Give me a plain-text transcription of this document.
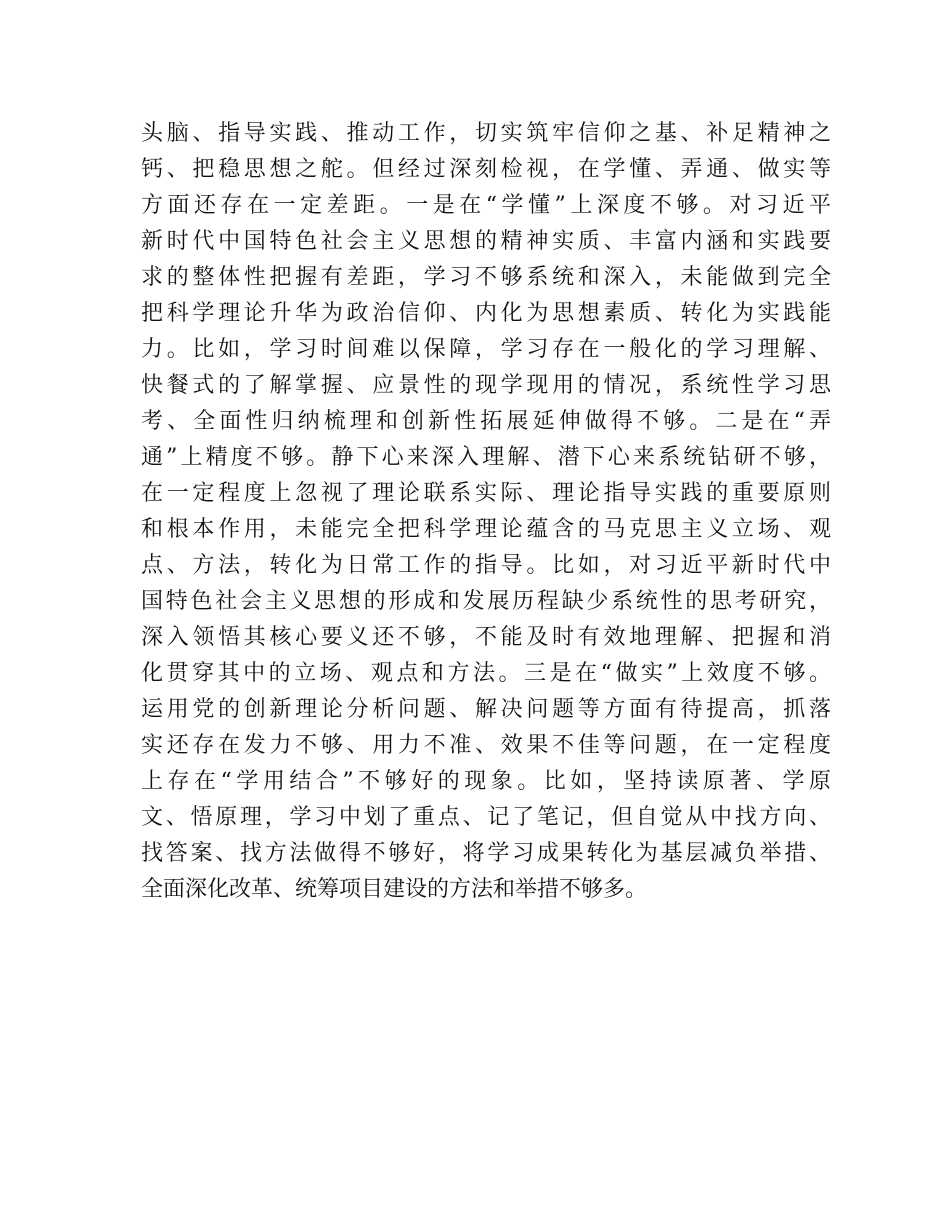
头脑、指导实践、推动工作，切实筑牢信仰之基、补足精神之
钙、把稳思想之舵。但经过深刻检视，在学懂、弄通、做实等
方面还存在一定差距。一是在“学懂”上深度不够。对习近平
新时代中国特色社会主义思想的精神实质、丰富内涵和实践要
求的整体性把握有差距，学习不够系统和深入，未能做到完全
把科学理论升华为政治信仰、内化为思想素质、转化为实践能
力。比如，学习时间难以保障，学习存在一般化的学习理解、
快餐式的了解掌握、应景性的现学现用的情况，系统性学习思
考、全面性归纳梳理和创新性拓展延伸做得不够。二是在“弄
通”上精度不够。静下心来深入理解、潜下心来系统钻研不够，
在一定程度上忽视了理论联系实际、理论指导实践的重要原则
和根本作用，未能完全把科学理论蕴含的马克思主义立场、观
点、方法，转化为日常工作的指导。比如，对习近平新时代中
国特色社会主义思想的形成和发展历程缺少系统性的思考研究，
深入领悟其核心要义还不够，不能及时有效地理解、把握和消
化贯穿其中的立场、观点和方法。三是在“做实”上效度不够。
运用党的创新理论分析问题、解决问题等方面有待提高，抓落
实还存在发力不够、用力不准、效果不佳等问题，在一定程度
上存在“学用结合”不够好的现象。比如，坚持读原著、学原
文、悟原理，学习中划了重点、记了笔记，但自觉从中找方向、
找答案、找方法做得不够好，将学习成果转化为基层减负举措、
全面深化改革、统筹项目建设的方法和举措不够多。
